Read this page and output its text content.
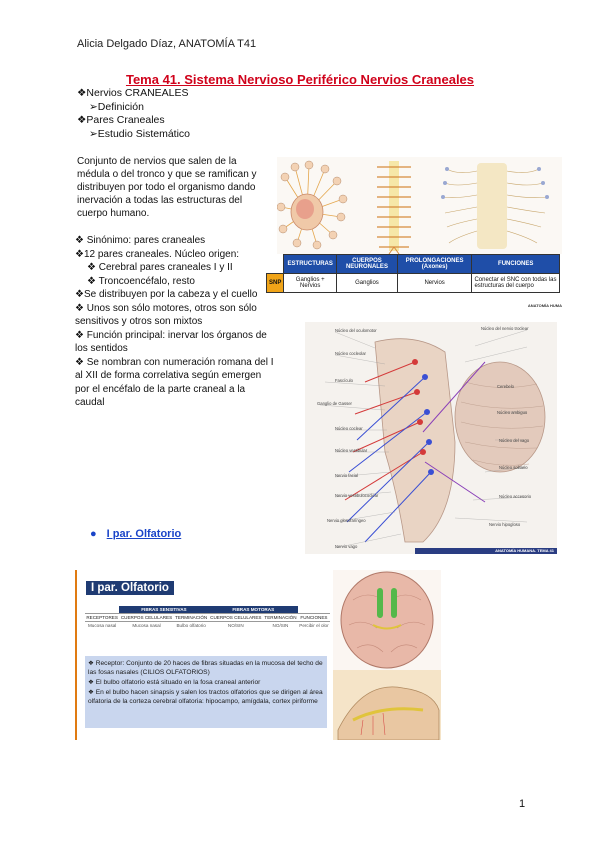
Alicia Delgado Díaz, ANATOMÍA T41
Tema 41. Sistema Nervioso Periférico Nervios Craneales
❖Nervios CRANEALES
➢Definición
❖Pares Craneales
➢Estudio Sistemático
Conjunto de nervios que salen de la médula o del tronco y que se ramifican y distribuyen por todo el organismo dando inervación a todas las estructuras del cuerpo humano.
❖ Sinónimo: pares craneales
❖12 pares craneales. Núcleo origen:
❖ Cerebral pares craneales I y II
❖ Troncoencéfalo, resto
❖Se distribuyen por la cabeza y el cuello
❖ Unos son sólo motores, otros son sólo sensitivos y otros son mixtos
❖ Función principal: inervar los órganos de los sentidos
❖ Se nombran con numeración romana del I al XII de forma correlativa según emergen por el encéfalo de la parte craneal a la caudal
● I par. Olfatorio
	ESTRUCTURAS	CUERPOS NEURONALES	PROLONGACIONES (Axones)	FUNCIONES
SNP	Ganglios + Nervios	Ganglios	Nervios	Conectar el SNC con todas las estructuras del cuerpo
ANATOMÍA HUMA
Núcleo del oculomotor
Núcleo cocleolar
Fascículo
Ganglio de Gasser
Núcleo coclear
Núcleo vestibular
Nervio facial
Nervio vestibulococlear
Nervio glosofaríngeo
Nervio vago
Nervio hipogloso
Núcleo del nervio troclear
Cerebelo
Núcleo ambiguo
Núcleo del vago
Núcleo solitario
Núcleo accesorio
ANATOMÍA HUMANA. TEMA 41
I par. Olfatorio
	FIBRAS SENSITIVAS		FIBRAS MOTORAS		
RECEPTORES	CUERPOS CELULARES	TERMINACIÓN	CUERPOS CELULARES	TERMINACIÓN	FUNCIONES
Mucosa nasal	Mucosa nasal	Bulbo olfatorio	NO/SIN	NO/SIN	Percibir el olor
❖ Receptor: Conjunto de 20 haces de fibras situadas en la mucosa del techo de las fosas nasales (CILIOS OLFATORIOS)
❖ El bulbo olfatorio está situado en la fosa craneal anterior
❖ En el bulbo hacen sinapsis y salen los tractos olfatorios que se dirigen al área olfatoria de la corteza cerebral olfatoria: hipocampo, amígdala, cortex piriforme
1
